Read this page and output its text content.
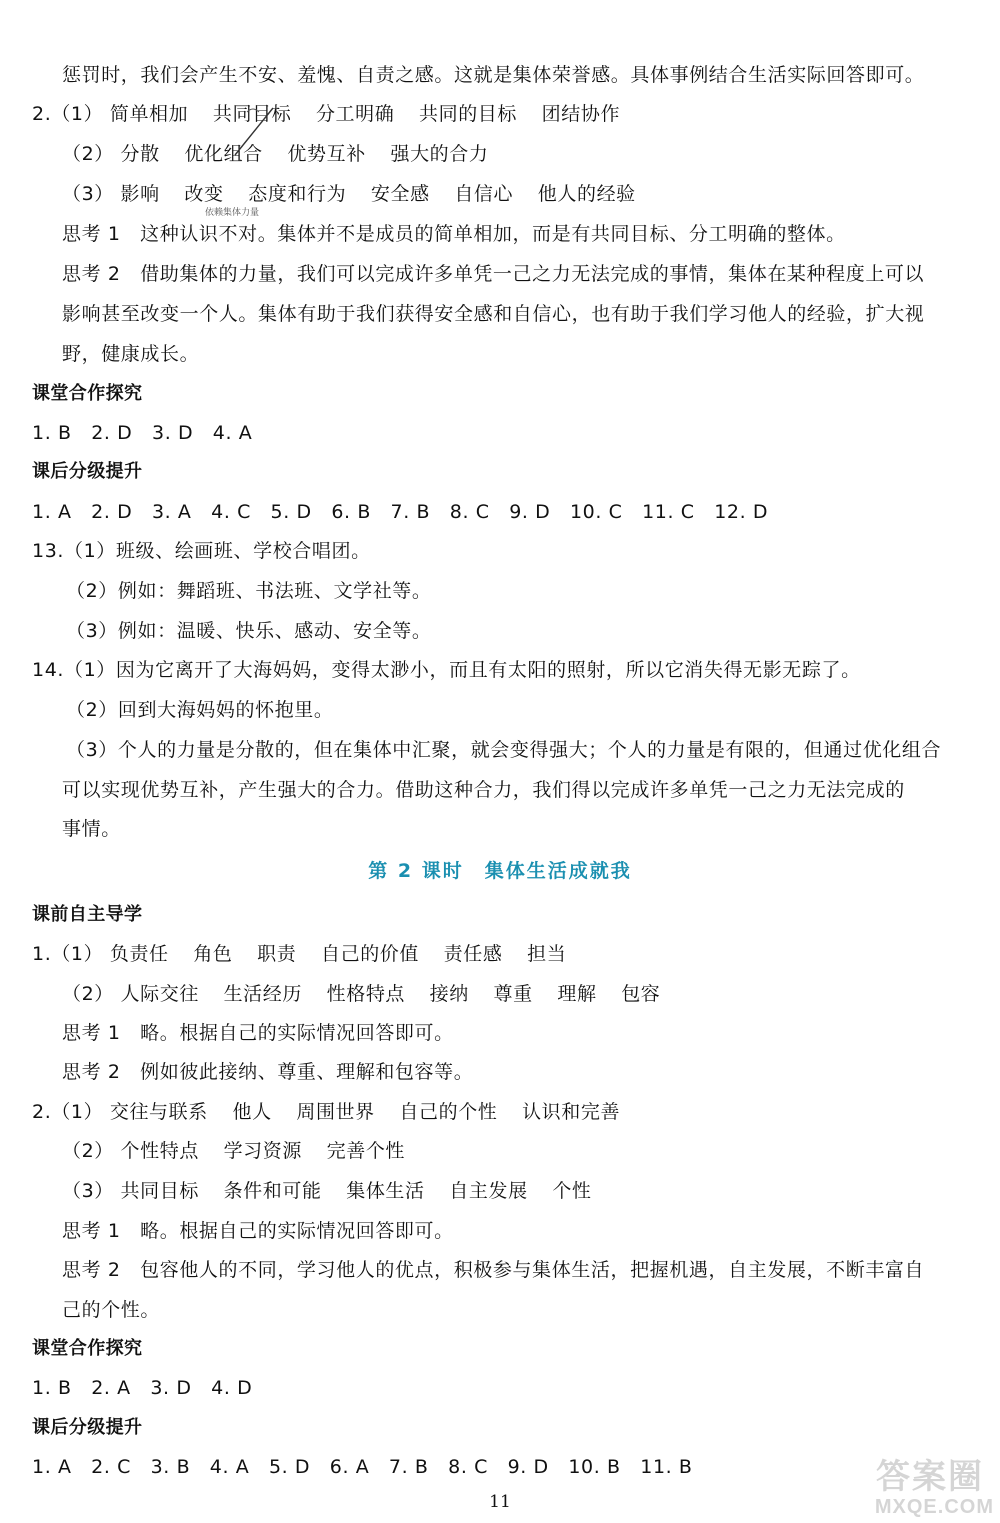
惩罚时，我们会产生不安、羞愧、自责之感。这就是集体荣誉感。具体事例结合生活实际回答即可。
2.（1） 简单相加 共同目标 分工明确 共同的目标 团结协作
（2） 分散 优化组合 优势互补 强大的合力
（3） 影响 改变 态度和行为 安全感 自信心 他人的经验
依赖集体力量
思考 1　这种认识不对。集体并不是成员的简单相加，而是有共同目标、分工明确的整体。
思考 2　借助集体的力量，我们可以完成许多单凭一己之力无法完成的事情，集体在某种程度上可以
影响甚至改变一个人。集体有助于我们获得安全感和自信心，也有助于我们学习他人的经验，扩大视
野，健康成长。
课堂合作探究
1. B　2. D　3. D　4. A
课后分级提升
1. A　2. D　3. A　4. C　5. D　6. B　7. B　8. C　9. D　10. C　11. C　12. D
13.（1）班级、绘画班、学校合唱团。
（2）例如：舞蹈班、书法班、文学社等。
（3）例如：温暖、快乐、感动、安全等。
14.（1）因为它离开了大海妈妈，变得太渺小，而且有太阳的照射，所以它消失得无影无踪了。
（2）回到大海妈妈的怀抱里。
（3）个人的力量是分散的，但在集体中汇聚，就会变得强大；个人的力量是有限的，但通过优化组合
可以实现优势互补，产生强大的合力。借助这种合力，我们得以完成许多单凭一己之力无法完成的
事情。
第 2 课时　集体生活成就我
课前自主导学
1.（1） 负责任 角色 职责 自己的价值 责任感 担当
（2） 人际交往 生活经历 性格特点 接纳 尊重 理解 包容
思考 1　略。根据自己的实际情况回答即可。
思考 2　例如彼此接纳、尊重、理解和包容等。
2.（1） 交往与联系 他人 周围世界 自己的个性 认识和完善
（2） 个性特点 学习资源 完善个性
（3） 共同目标 条件和可能 集体生活 自主发展 个性
思考 1　略。根据自己的实际情况回答即可。
思考 2　包容他人的不同，学习他人的优点，积极参与集体生活，把握机遇，自主发展，不断丰富自
己的个性。
课堂合作探究
1. B　2. A　3. D　4. D
课后分级提升
1. A　2. C　3. B　4. A　5. D　6. A　7. B　8. C　9. D　10. B　11. B
11
答案圈
MXQE.COM
